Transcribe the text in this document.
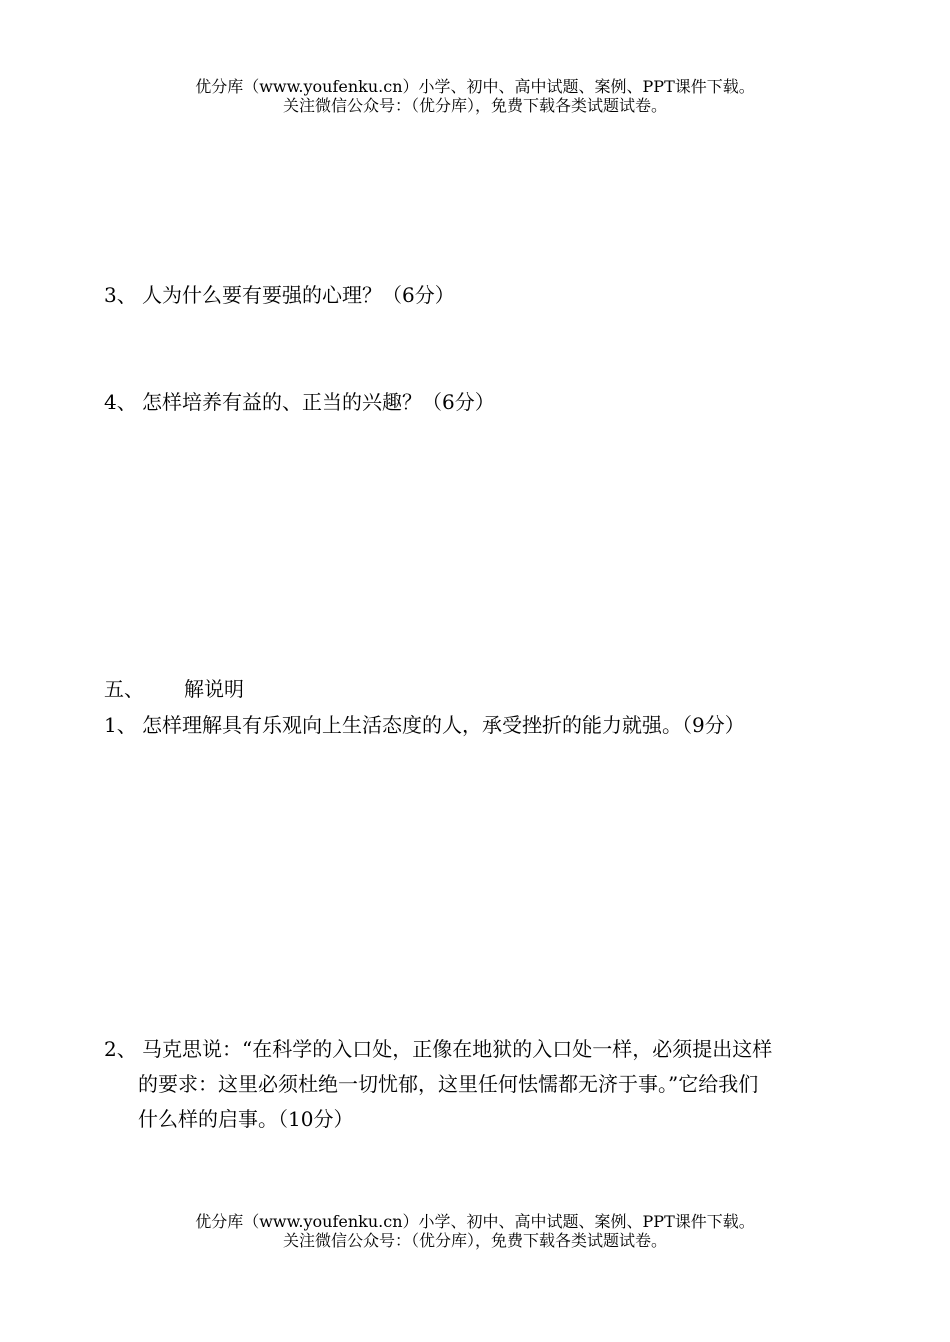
优分库（www.youfenku.cn）小学、初中、高中试题、案例、PPT课件下载。
关注微信公众号：（优分库），免费下载各类试题试卷。
3、 人为什么要有要强的心理？（6分）
4、 怎样培养有益的、正当的兴趣？（6分）
五、 解说明
1、 怎样理解具有乐观向上生活态度的人，承受挫折的能力就强。（9分）
2、 马克思说：“在科学的入口处，正像在地狱的入口处一样，必须提出这样
的要求：这里必须杜绝一切忧郁，这里任何怯懦都无济于事。”它给我们
什么样的启事。（10分）
优分库（www.youfenku.cn）小学、初中、高中试题、案例、PPT课件下载。
关注微信公众号：（优分库），免费下载各类试题试卷。
